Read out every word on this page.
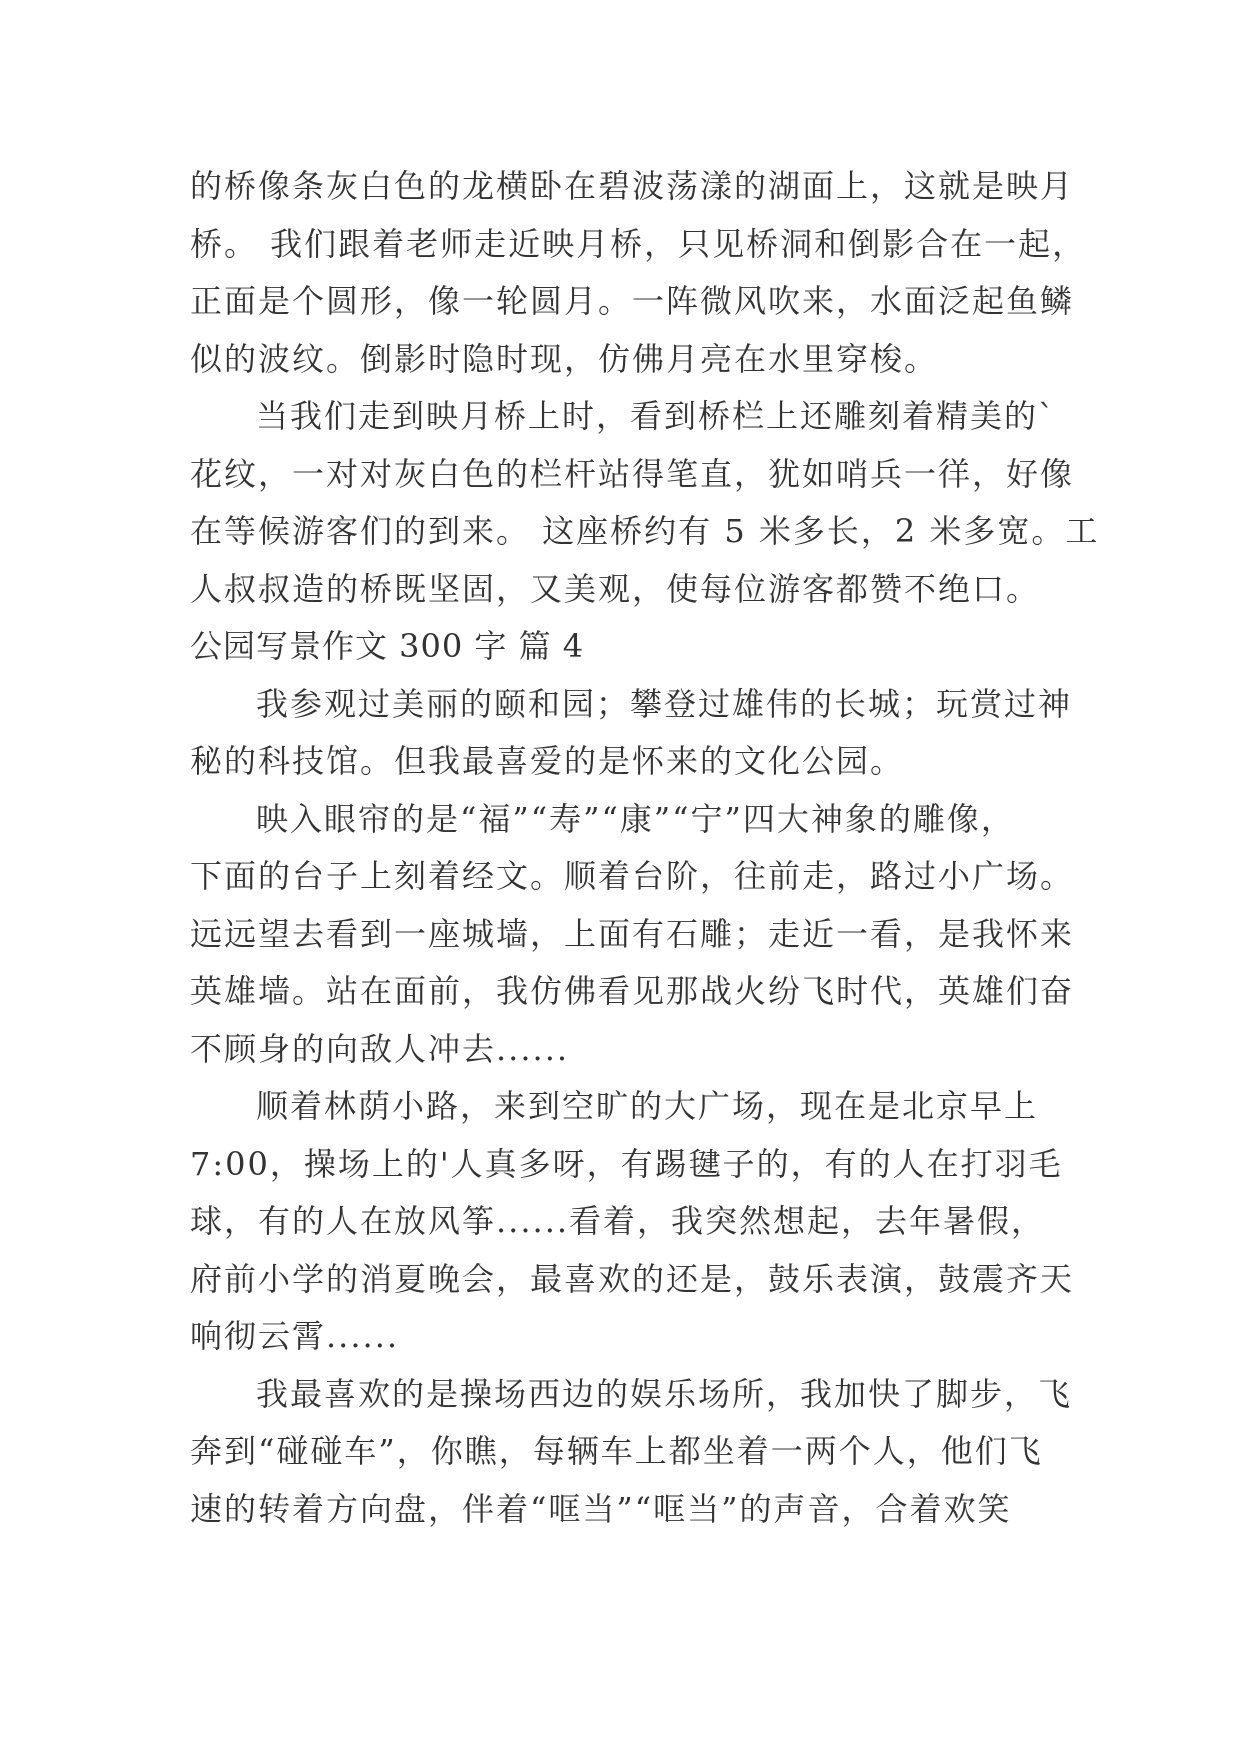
的桥像条灰白色的龙横卧在碧波荡漾的湖面上，这就是映月
桥。 我们跟着老师走近映月桥，只见桥洞和倒影合在一起，
正面是个圆形，像一轮圆月。一阵微风吹来，水面泛起鱼鳞
似的波纹。倒影时隐时现，仿佛月亮在水里穿梭。

当我们走到映月桥上时，看到桥栏上还雕刻着精美的`
花纹，一对对灰白色的栏杆站得笔直，犹如哨兵一徉，好像
在等候游客们的到来。 这座桥约有 5 米多长，2 米多宽。工
人叔叔造的桥既坚固，又美观，使每位游客都赞不绝口。

公园写景作文 300 字 篇 4

我参观过美丽的颐和园；攀登过雄伟的长城；玩赏过神
秘的科技馆。但我最喜爱的是怀来的文化公园。

映入眼帘的是“福”“寿”“康”“宁”四大神象的雕像，
下面的台子上刻着经文。顺着台阶，往前走，路过小广场。
远远望去看到一座城墙，上面有石雕；走近一看，是我怀来
英雄墙。站在面前，我仿佛看见那战火纷飞时代，英雄们奋
不顾身的向敌人冲去......

顺着林荫小路，来到空旷的大广场，现在是北京早上
7:00，操场上的'人真多呀，有踢毽子的，有的人在打羽毛
球，有的人在放风筝......看着，我突然想起，去年暑假，
府前小学的消夏晚会，最喜欢的还是，鼓乐表演，鼓震齐天
响彻云霄......

我最喜欢的是操场西边的娱乐场所，我加快了脚步，飞
奔到“碰碰车”，你瞧，每辆车上都坐着一两个人，他们飞
速的转着方向盘，伴着“哐当”“哐当”的声音，合着欢笑
